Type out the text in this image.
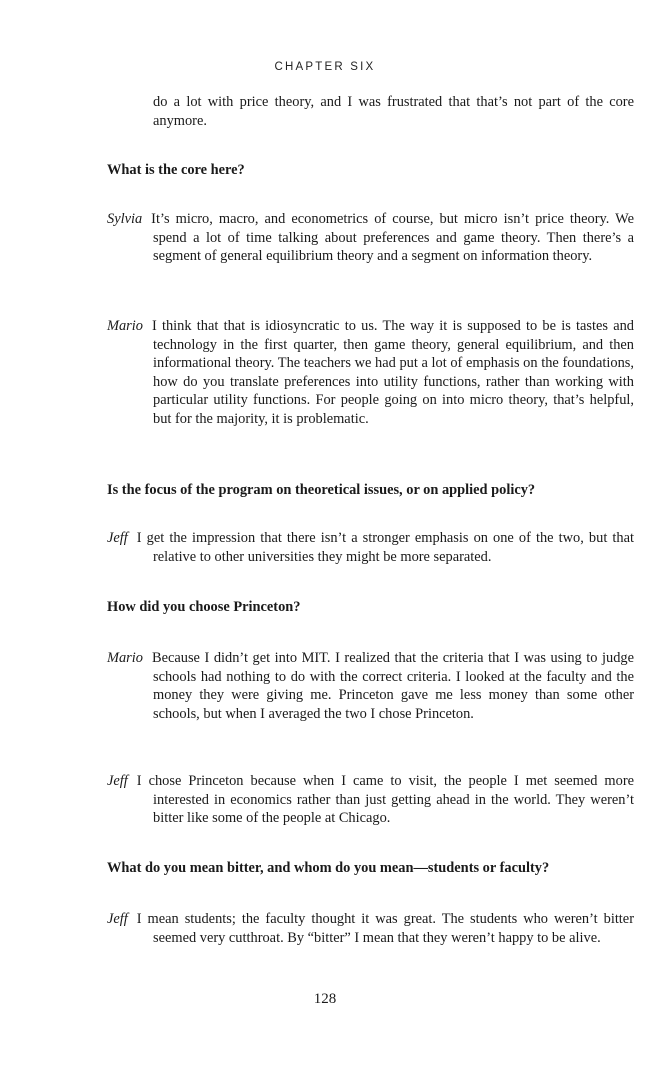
CHAPTER SIX
do a lot with price theory, and I was frustrated that that’s not part of the core anymore.
What is the core here?
Sylvia It’s micro, macro, and econometrics of course, but micro isn’t price theory. We spend a lot of time talking about preferences and game theory. Then there’s a segment of general equilibrium theory and a segment on information theory.
Mario I think that that is idiosyncratic to us. The way it is supposed to be is tastes and technology in the first quarter, then game theory, general equilibrium, and then informational theory. The teachers we had put a lot of emphasis on the foundations, how do you translate preferences into utility functions, rather than working with particular utility functions. For people going on into micro theory, that’s helpful, but for the majority, it is problematic.
Is the focus of the program on theoretical issues, or on applied policy?
Jeff I get the impression that there isn’t a stronger emphasis on one of the two, but that relative to other universities they might be more separated.
How did you choose Princeton?
Mario Because I didn’t get into MIT. I realized that the criteria that I was using to judge schools had nothing to do with the correct criteria. I looked at the faculty and the money they were giving me. Princeton gave me less money than some other schools, but when I averaged the two I chose Princeton.
Jeff I chose Princeton because when I came to visit, the people I met seemed more interested in economics rather than just getting ahead in the world. They weren’t bitter like some of the people at Chicago.
What do you mean bitter, and whom do you mean—students or faculty?
Jeff I mean students; the faculty thought it was great. The students who weren’t bitter seemed very cutthroat. By “bitter” I mean that they weren’t happy to be alive.
128
